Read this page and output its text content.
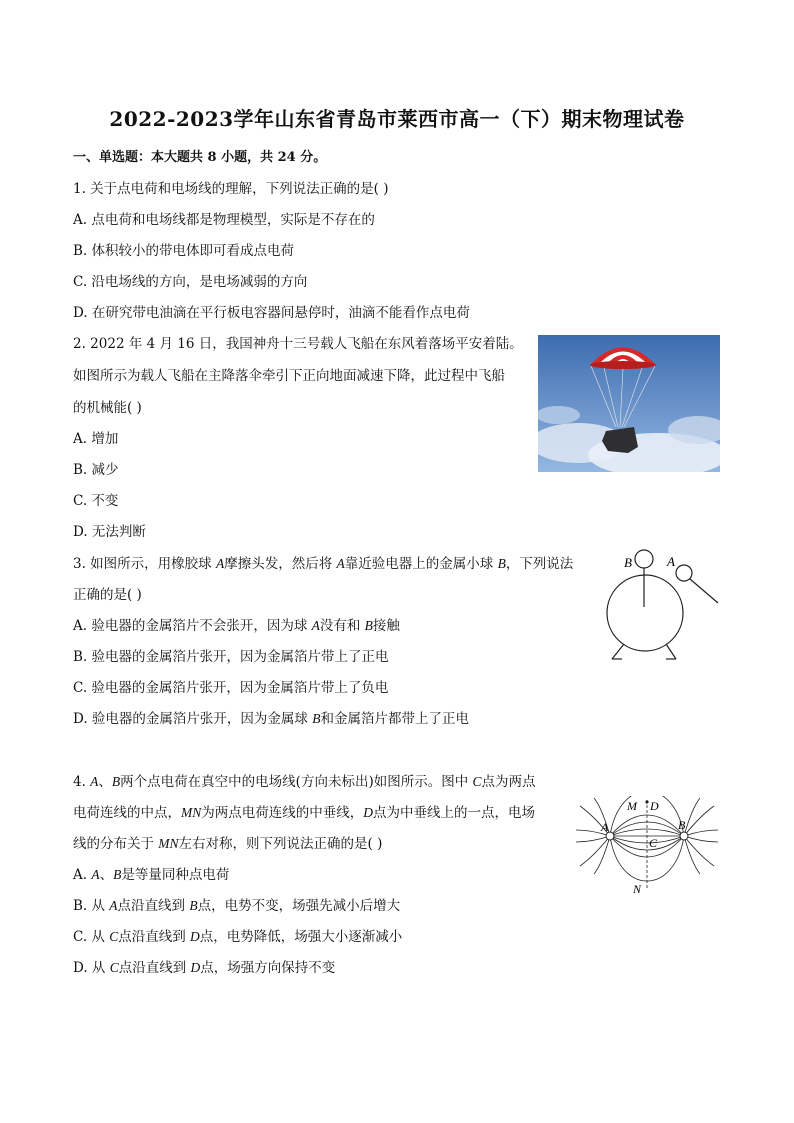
2022-2023学年山东省青岛市莱西市高一（下）期末物理试卷
一、单选题：本大题共 8 小题，共 24 分。
1. 关于点电荷和电场线的理解，下列说法正确的是( )
A. 点电荷和电场线都是物理模型，实际是不存在的
B. 体积较小的带电体即可看成点电荷
C. 沿电场线的方向，是电场减弱的方向
D. 在研究带电油滴在平行板电容器间悬停时，油滴不能看作点电荷
2. 2022 年 4 月 16 日，我国神舟十三号载人飞船在东风着落场平安着陆。
如图所示为载人飞船在主降落伞牵引下正向地面减速下降，此过程中飞船
的机械能( )
A. 增加
B. 减少
C. 不变
D. 无法判断
3. 如图所示，用橡胶球 A摩擦头发，然后将 A靠近验电器上的金属小球 B，下列说法
正确的是( )
A. 验电器的金属箔片不会张开，因为球 A没有和 B接触
B. 验电器的金属箔片张开，因为金属箔片带上了正电
C. 验电器的金属箔片张开，因为金属箔片带上了负电
D. 验电器的金属箔片张开，因为金属球 B和金属箔片都带上了正电
B	A
4. A、B两个点电荷在真空中的电场线(方向未标出)如图所示。图中 C点为两点
电荷连线的中点，MN为两点电荷连线的中垂线，D点为中垂线上的一点，电场
线的分布关于 MN左右对称，则下列说法正确的是( )
A. A、B是等量同种点电荷
B. 从 A点沿直线到 B点，电势不变，场强先减小后增大
C. 从 C点沿直线到 D点，电势降低，场强大小逐渐减小
D. 从 C点沿直线到 D点，场强方向保持不变
M D
A	B
C
N
